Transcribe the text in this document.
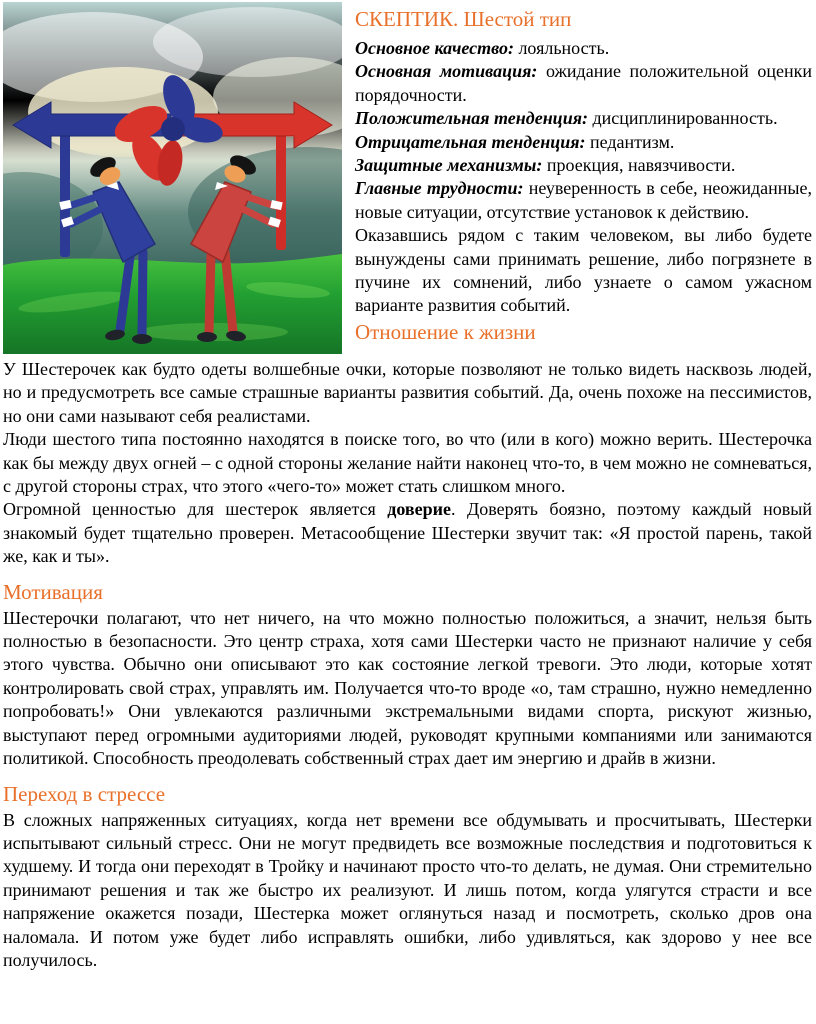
СКЕПТИК. Шестой тип

Основное качество: лояльность.

Основная мотивация: ожидание положительной оценки порядочности.

Положительная тенденция: дисциплинированность.

Отрицательная тенденция: педантизм.

Защитные механизмы: проекция, навязчивости.

Главные трудности: неуверенность в себе, неожиданные, новые ситуации, отсутствие установок к действию.

Оказавшись рядом с таким человеком, вы либо будете вынуждены сами принимать решение, либо погрязнете в пучине их сомнений, либо узнаете о самом ужасном варианте развития событий.

Отношение к жизни

У Шестерочек как будто одеты волшебные очки, которые позволяют не только видеть насквозь людей, но и предусмотреть все самые страшные варианты развития событий. Да, очень похоже на пессимистов, но они сами называют себя реалистами.

Люди шестого типа постоянно находятся в поиске того, во что (или в кого) можно верить. Шестерочка как бы между двух огней – с одной стороны желание найти наконец что-то, в чем можно не сомневаться, с другой стороны страх, что этого «чего-то» может стать слишком много.

Огромной ценностью для шестерок является доверие. Доверять боязно, поэтому каждый новый знакомый будет тщательно проверен. Метасообщение Шестерки звучит так: «Я простой парень, такой же, как и ты».

Мотивация

Шестерочки полагают, что нет ничего, на что можно полностью положиться, а значит, нельзя быть полностью в безопасности. Это центр страха, хотя сами Шестерки часто не признают наличие у себя этого чувства. Обычно они описывают это как состояние легкой тревоги. Это люди, которые хотят контролировать свой страх, управлять им. Получается что-то вроде «о, там страшно, нужно немедленно попробовать!» Они увлекаются различными экстремальными видами спорта, рискуют жизнью, выступают перед огромными аудиториями людей, руководят крупными компаниями или занимаются политикой. Способность преодолевать собственный страх дает им энергию и драйв в жизни.

Переход в стрессе

В сложных напряженных ситуациях, когда нет времени все обдумывать и просчитывать, Шестерки испытывают сильный стресс. Они не могут предвидеть все возможные последствия и подготовиться к худшему. И тогда они переходят в Тройку и начинают просто что-то делать, не думая. Они стремительно принимают решения и так же быстро их реализуют. И лишь потом, когда улягутся страсти и все напряжение окажется позади, Шестерка может оглянуться назад и посмотреть, сколько дров она наломала. И потом уже будет либо исправлять ошибки, либо удивляться, как здорово у нее все получилось.
